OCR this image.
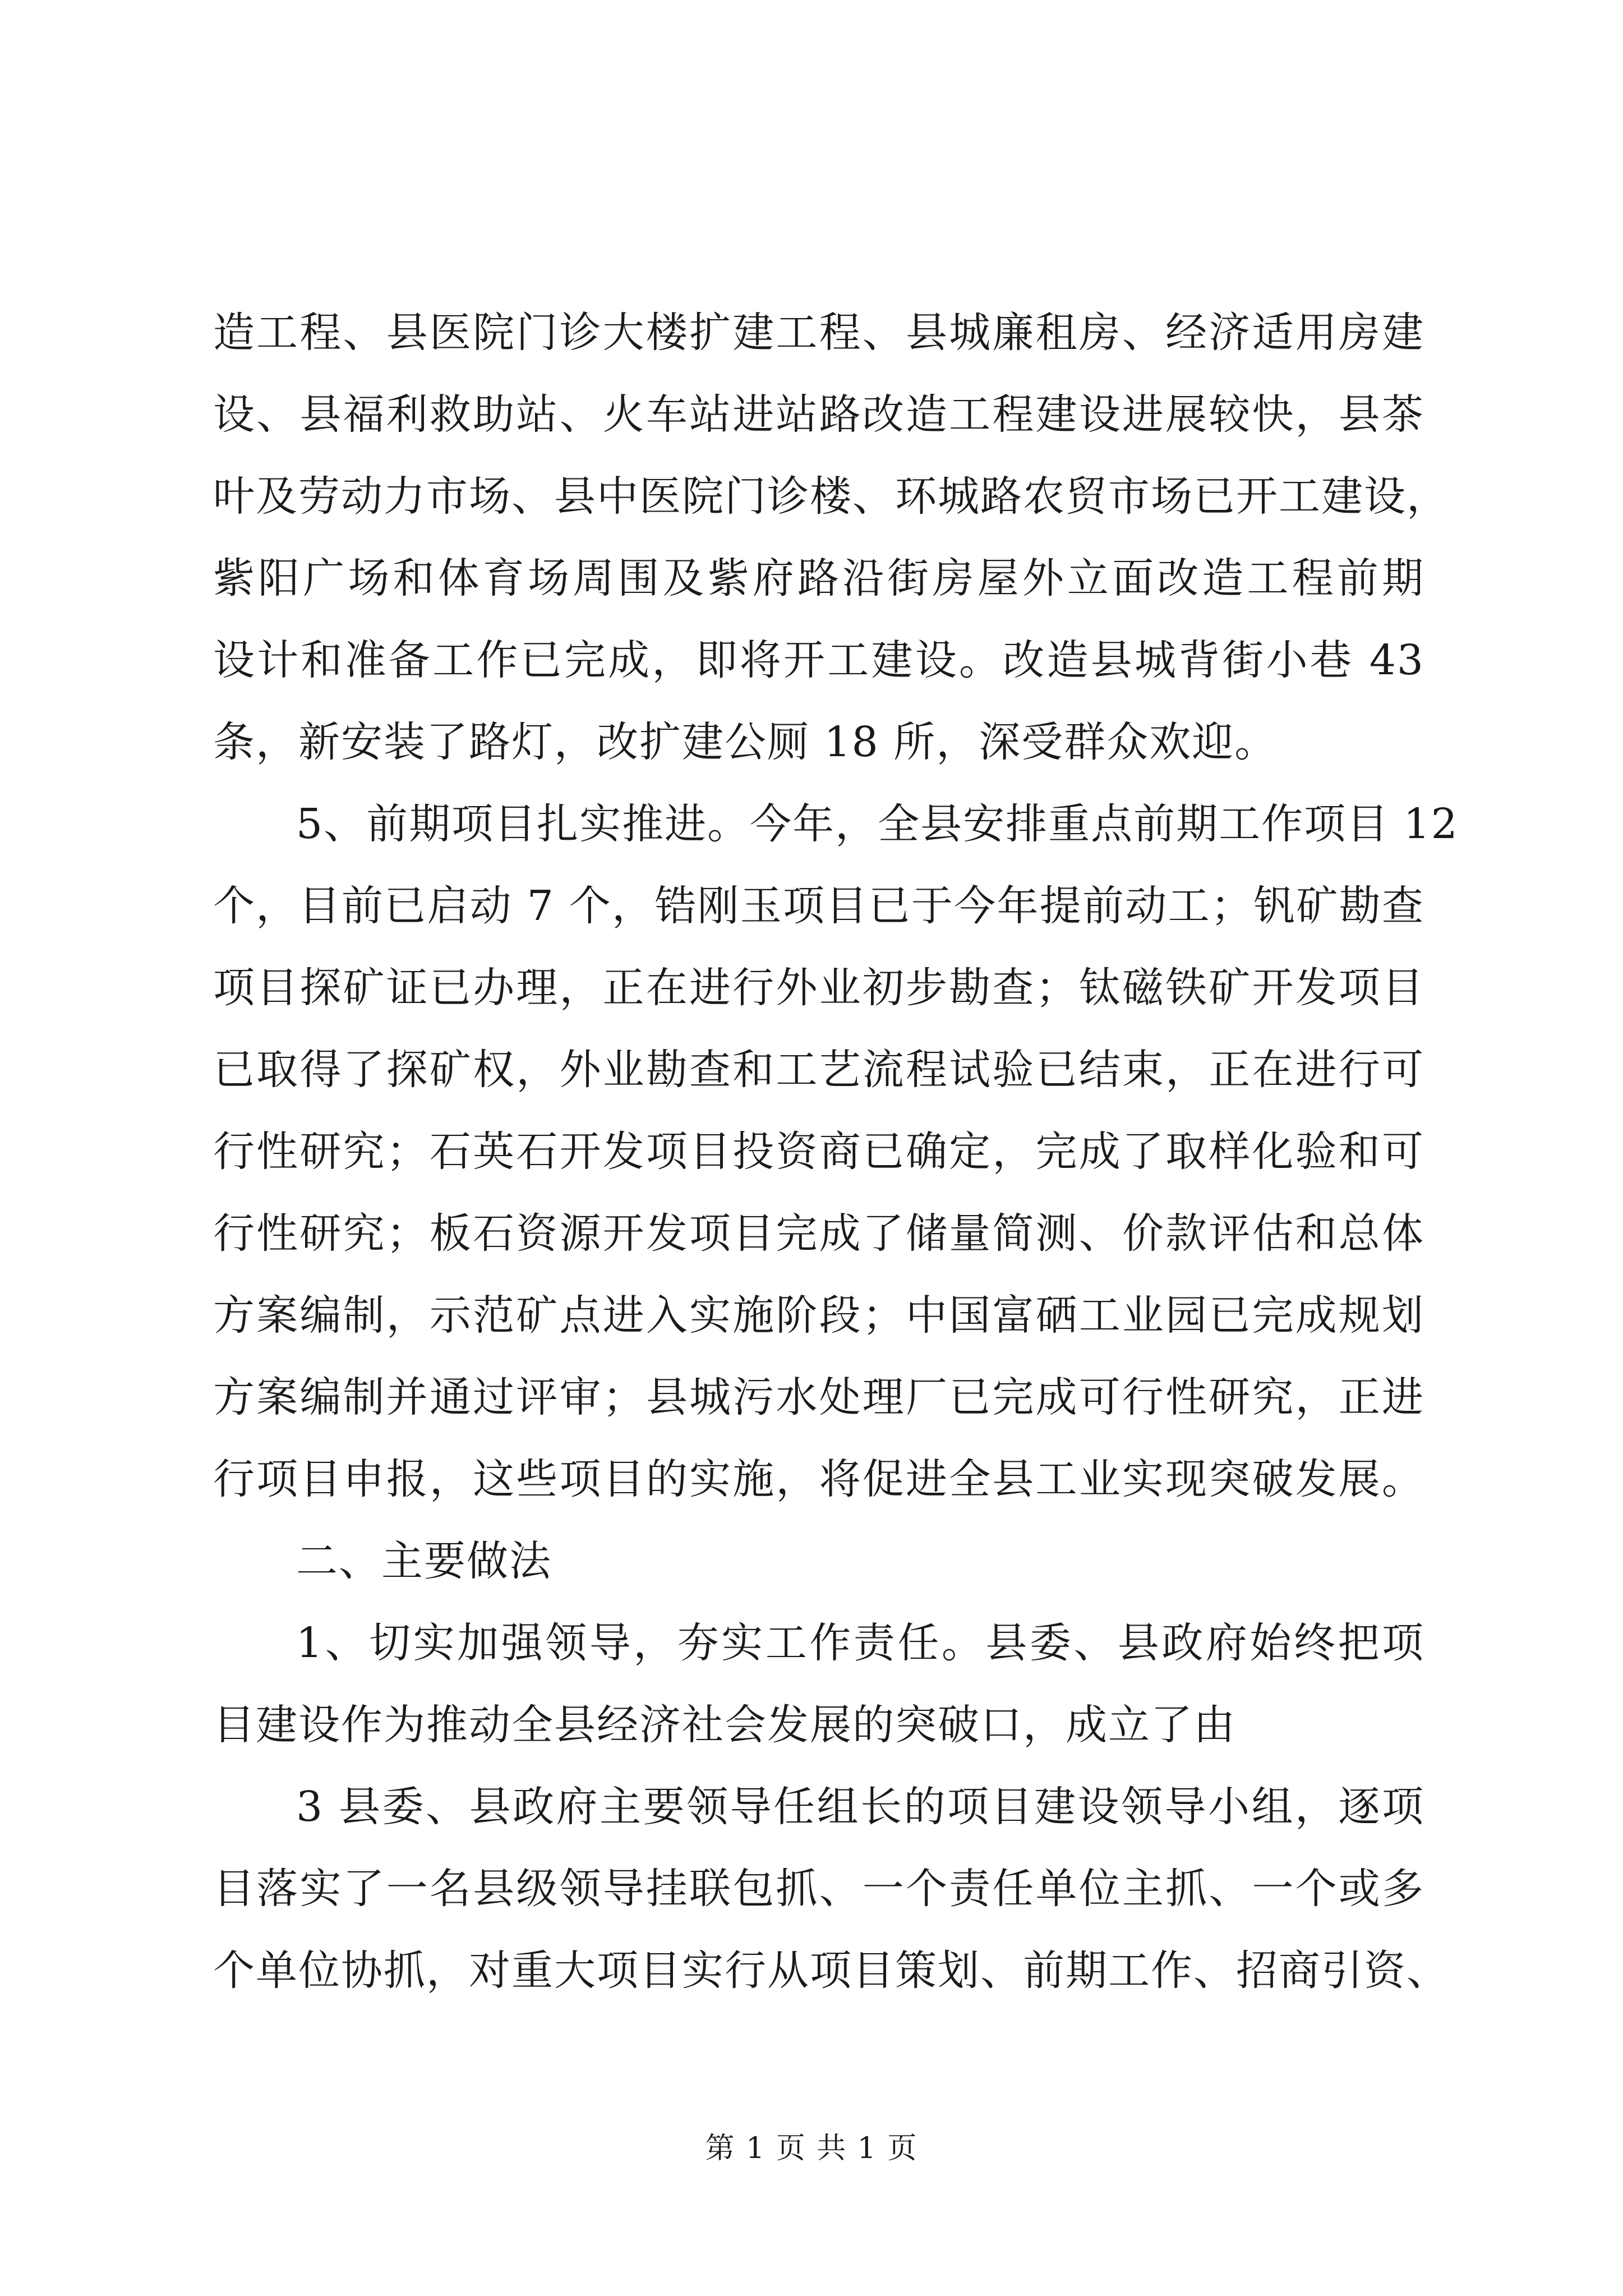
造工程、县医院门诊大楼扩建工程、县城廉租房、经济适用房建
设、县福利救助站、火车站进站路改造工程建设进展较快，县茶
叶及劳动力市场、县中医院门诊楼、环城路农贸市场已开工建设，
紫阳广场和体育场周围及紫府路沿街房屋外立面改造工程前期
设计和准备工作已完成，即将开工建设。改造县城背街小巷 43
条，新安装了路灯，改扩建公厕 18 所，深受群众欢迎。
5、前期项目扎实推进。今年，全县安排重点前期工作项目 12
个，目前已启动 7 个，锆刚玉项目已于今年提前动工；钒矿勘查
项目探矿证已办理，正在进行外业初步勘查；钛磁铁矿开发项目
已取得了探矿权，外业勘查和工艺流程试验已结束，正在进行可
行性研究；石英石开发项目投资商已确定，完成了取样化验和可
行性研究；板石资源开发项目完成了储量简测、价款评估和总体
方案编制，示范矿点进入实施阶段；中国富硒工业园已完成规划
方案编制并通过评审；县城污水处理厂已完成可行性研究，正进
行项目申报，这些项目的实施，将促进全县工业实现突破发展。
二、主要做法
1、切实加强领导，夯实工作责任。县委、县政府始终把项
目建设作为推动全县经济社会发展的突破口，成立了由
3 县委、县政府主要领导任组长的项目建设领导小组，逐项
目落实了一名县级领导挂联包抓、一个责任单位主抓、一个或多
个单位协抓，对重大项目实行从项目策划、前期工作、招商引资、
第 1 页 共 1 页
